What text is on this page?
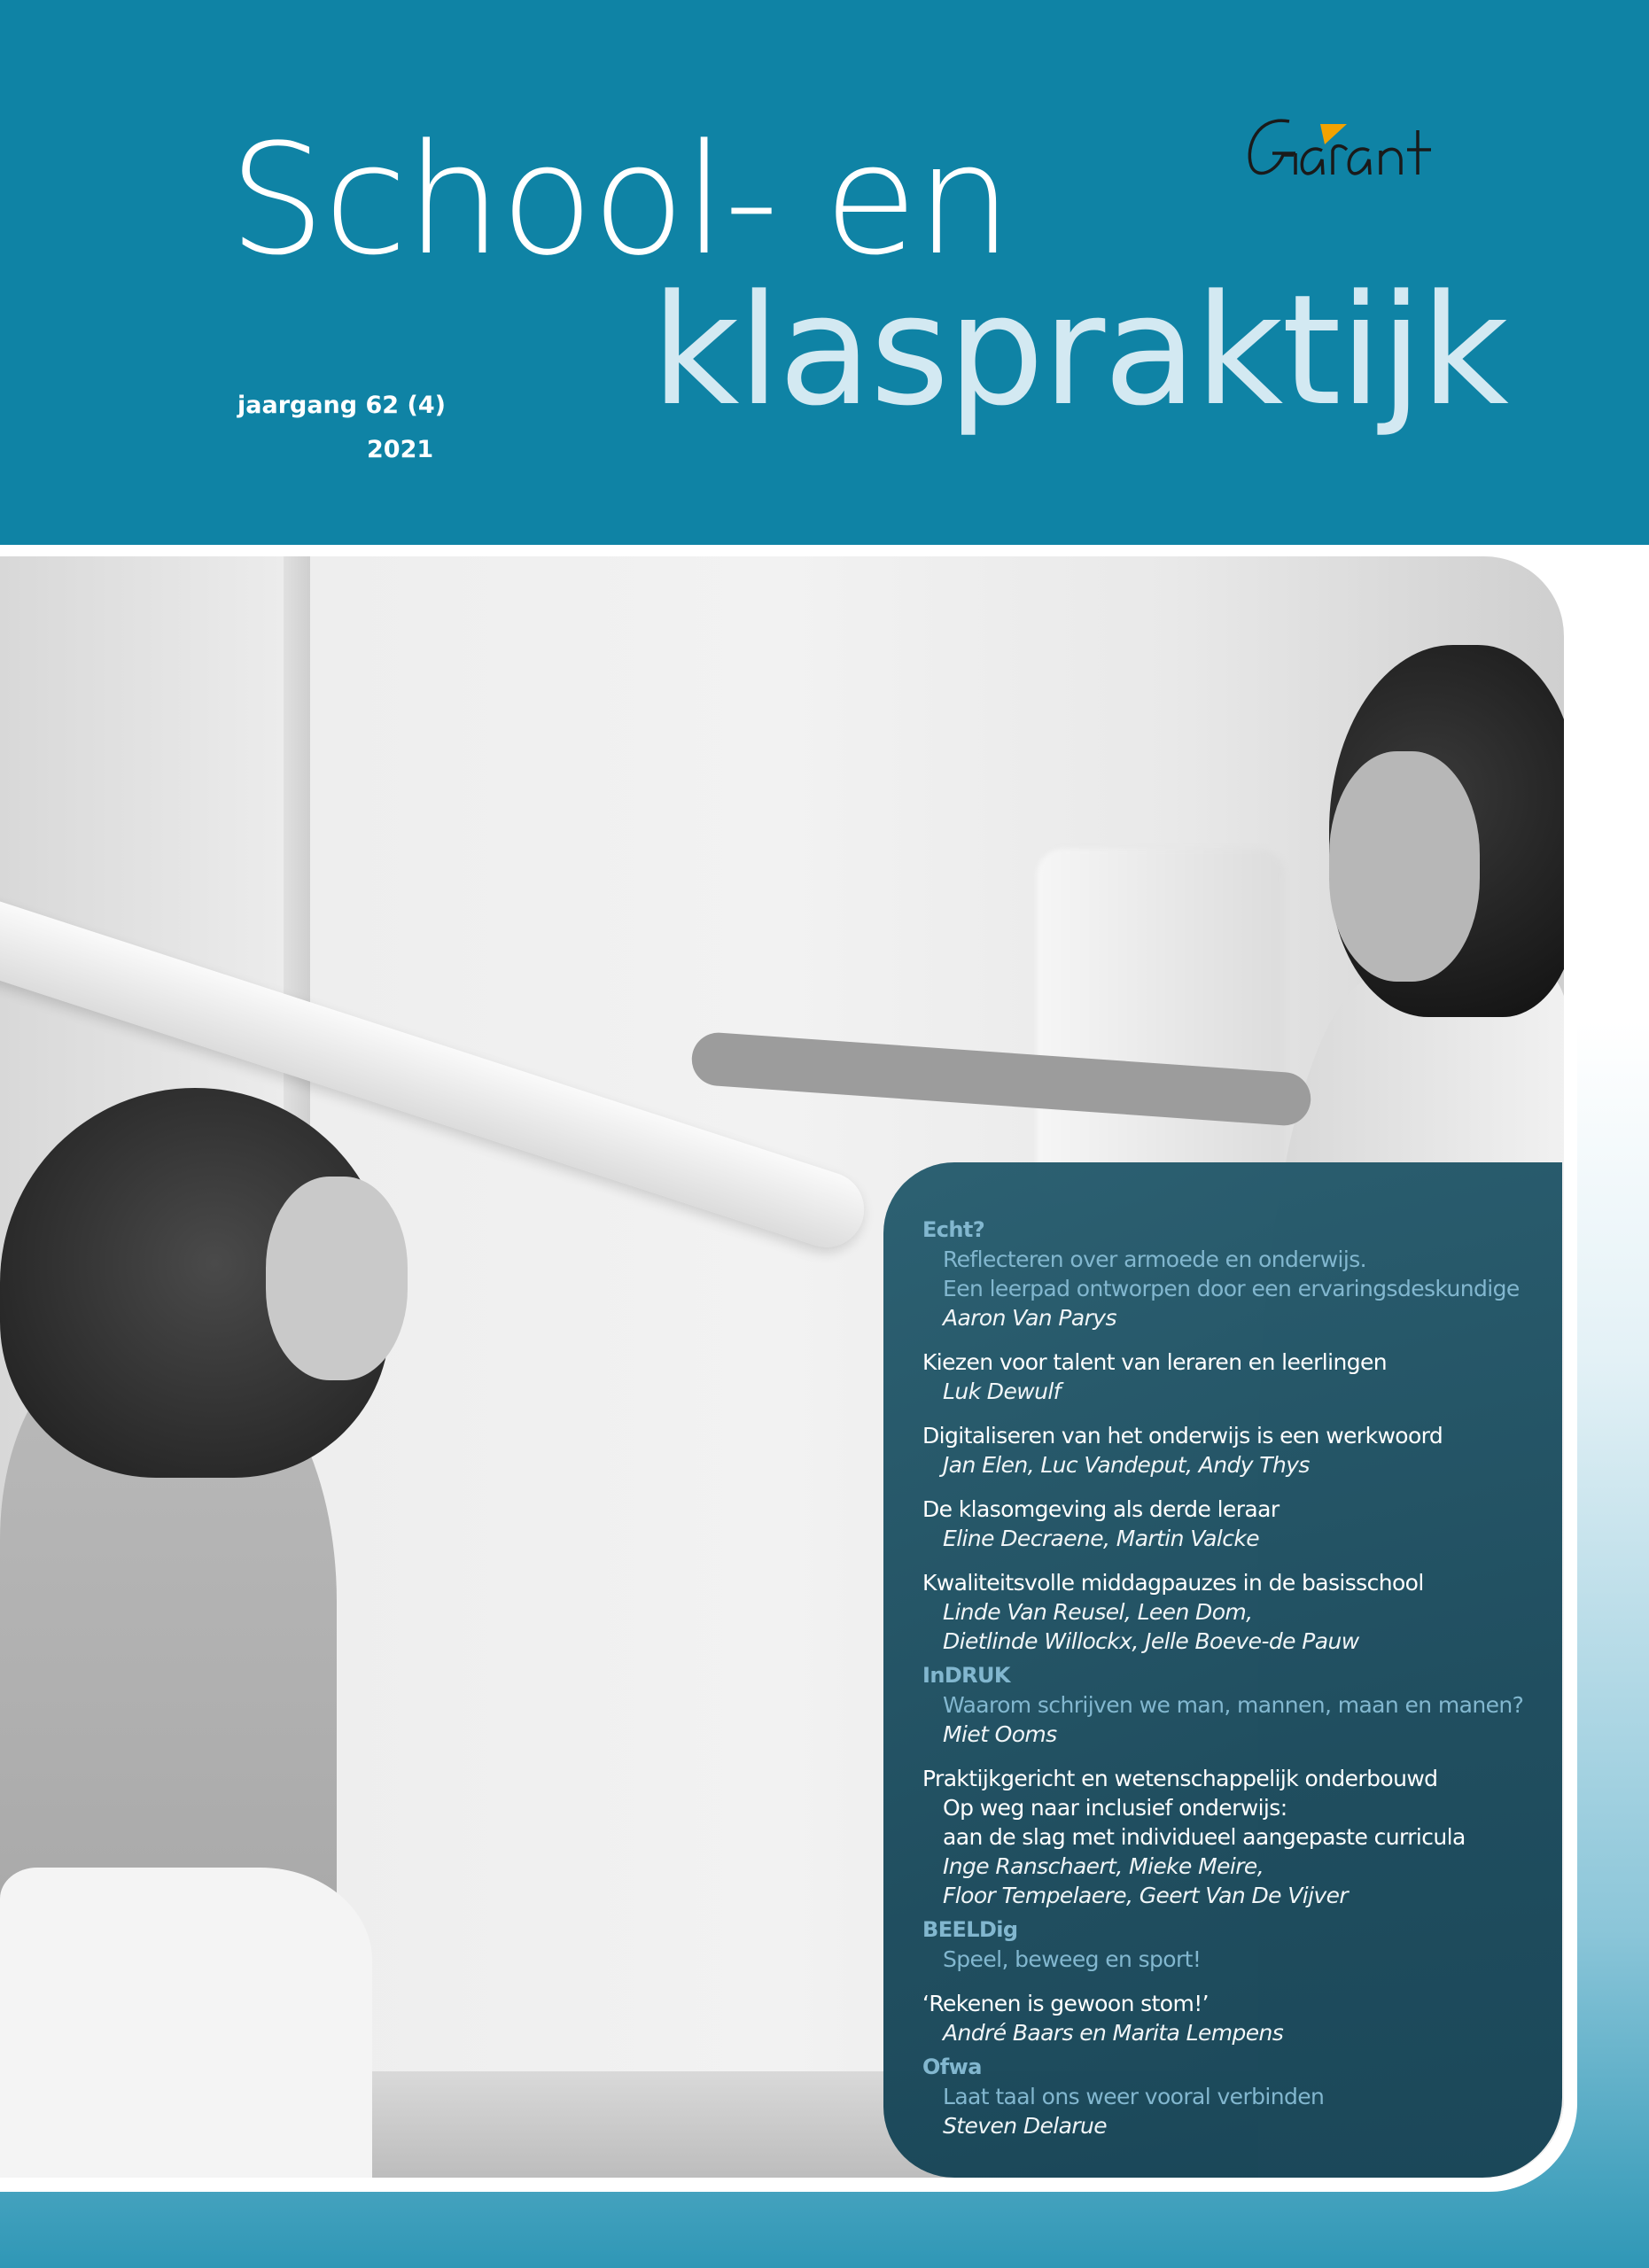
School- en
klaspraktijk
jaargang 62 (4)
2021
Echt?
Reflecteren over armoede en onderwijs.
Een leerpad ontworpen door een ervaringsdeskundige
Aaron Van Parys
Kiezen voor talent van leraren en leerlingen
Luk Dewulf
Digitaliseren van het onderwijs is een werkwoord
Jan Elen, Luc Vandeput, Andy Thys
De klasomgeving als derde leraar
Eline Decraene, Martin Valcke
Kwaliteitsvolle middagpauzes in de basisschool
Linde Van Reusel, Leen Dom,
Dietlinde Willockx, Jelle Boeve-de Pauw
InDRUK
Waarom schrijven we man, mannen, maan en manen?
Miet Ooms
Praktijkgericht en wetenschappelijk onderbouwd
Op weg naar inclusief onderwijs:
aan de slag met individueel aangepaste curricula
Inge Ranschaert, Mieke Meire,
Floor Tempelaere, Geert Van De Vijver
BEELDig
Speel, beweeg en sport!
‘Rekenen is gewoon stom!’
André Baars en Marita Lempens
Ofwa
Laat taal ons weer vooral verbinden
Steven Delarue
